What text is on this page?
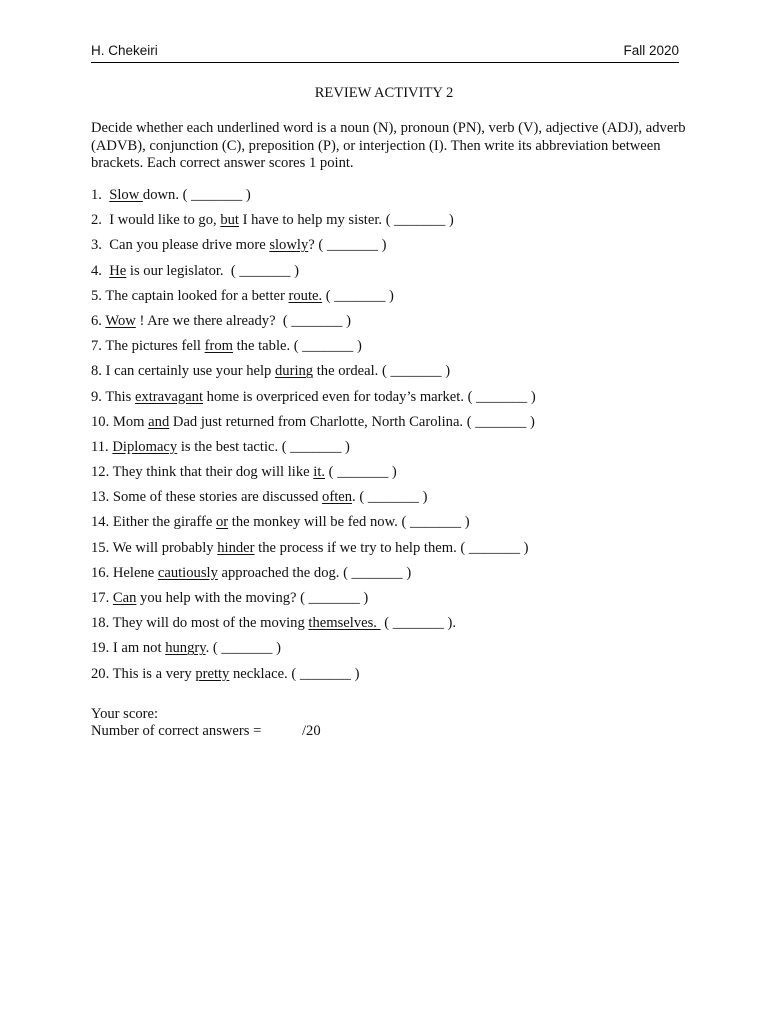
H. Chekeiri	Fall 2020
REVIEW ACTIVITY 2
Decide whether each underlined word is a noun (N), pronoun (PN), verb (V), adjective (ADJ), adverb (ADVB), conjunction (C), preposition (P), or interjection (I). Then write its abbreviation between brackets. Each correct answer scores 1 point.
1.  Slow down. ( _______ )
2.  I would like to go, but I have to help my sister. ( _______ )
3.  Can you please drive more slowly? ( _______ )
4.  He is our legislator.  ( _______ )
5. The captain looked for a better route. ( _______ )
6. Wow ! Are we there already?  ( _______ )
7. The pictures fell from the table. ( _______ )
8. I can certainly use your help during the ordeal. ( _______ )
9. This extravagant home is overpriced even for today’s market. ( _______ )
10. Mom and Dad just returned from Charlotte, North Carolina. ( _______ )
11. Diplomacy is the best tactic. ( _______ )
12. They think that their dog will like it. ( _______ )
13. Some of these stories are discussed often. ( _______ )
14. Either the giraffe or the monkey will be fed now. ( _______ )
15. We will probably hinder the process if we try to help them. ( _______ )
16. Helene cautiously approached the dog. ( _______ )
17. Can you help with the moving? ( _______ )
18. They will do most of the moving themselves.  ( _______ ).
19. I am not hungry. ( _______ )
20. This is a very pretty necklace. ( _______ )
Your score:
Number of correct answers =	/20
